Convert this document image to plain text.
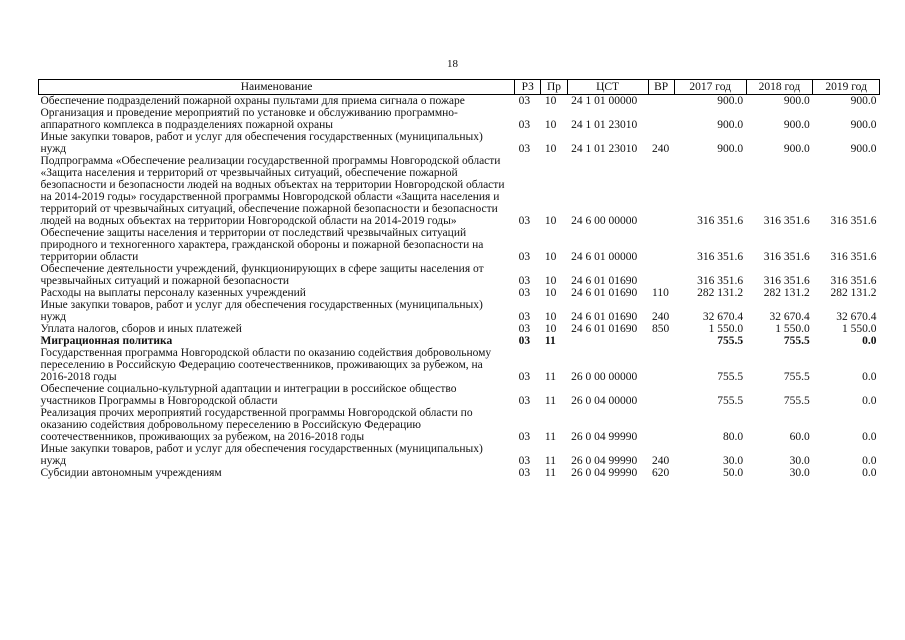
18
Наименование	РЗ	Пр	ЦСТ	ВР	2017 год	2018 год	2019 год
Обеспечение подразделений пожарной охраны пультами для приема сигнала о пожаре	03	10	24 1 01 00000		900.0	900.0	900.0
Организация и проведение мероприятий по установке и обслуживанию программно-аппаратного комплекса в подразделениях пожарной охраны	03	10	24 1 01 23010		900.0	900.0	900.0
Иные закупки товаров, работ и услуг для обеспечения государственных (муниципальных) нужд	03	10	24 1 01 23010	240	900.0	900.0	900.0
Подпрограмма «Обеспечение реализации государственной программы Новгородской области «Защита населения и территорий от чрезвычайных ситуаций, обеспечение пожарной безопасности и безопасности людей на водных объектах на территории Новгородской области на 2014-2019 годы» государственной программы Новгородской области «Защита населения и территорий от чрезвычайных ситуаций, обеспечение пожарной безопасности и безопасности людей на водных объектах на территории Новгородской области на 2014-2019 годы»	03	10	24 6 00 00000		316 351.6	316 351.6	316 351.6
Обеспечение защиты населения и территории от последствий чрезвычайных ситуаций природного и техногенного характера, гражданской обороны и пожарной безопасности на территории области	03	10	24 6 01 00000		316 351.6	316 351.6	316 351.6
Обеспечение деятельности учреждений, функционирующих в сфере защиты населения от чрезвычайных ситуаций и пожарной безопасности	03	10	24 6 01 01690		316 351.6	316 351.6	316 351.6
Расходы на выплаты персоналу казенных учреждений	03	10	24 6 01 01690	110	282 131.2	282 131.2	282 131.2
Иные закупки товаров, работ и услуг для обеспечения государственных (муниципальных) нужд	03	10	24 6 01 01690	240	32 670.4	32 670.4	32 670.4
Уплата налогов, сборов и иных платежей	03	10	24 6 01 01690	850	1 550.0	1 550.0	1 550.0
Миграционная политика	03	11			755.5	755.5	0.0
Государственная программа Новгородской области по оказанию содействия добровольному переселению в Российскую Федерацию соотечественников, проживающих за рубежом, на 2016-2018 годы	03	11	26 0 00 00000		755.5	755.5	0.0
Обеспечение социально-культурной адаптации и интеграции в российское общество участников Программы в Новгородской области	03	11	26 0 04 00000		755.5	755.5	0.0
Реализация прочих мероприятий государственной программы Новгородской области по оказанию содействия добровольному переселению в Российскую Федерацию соотечественников, проживающих за рубежом, на 2016-2018 годы	03	11	26 0 04 99990		80.0	60.0	0.0
Иные закупки товаров, работ и услуг для обеспечения государственных (муниципальных) нужд	03	11	26 0 04 99990	240	30.0	30.0	0.0
Субсидии автономным учреждениям	03	11	26 0 04 99990	620	50.0	30.0	0.0
